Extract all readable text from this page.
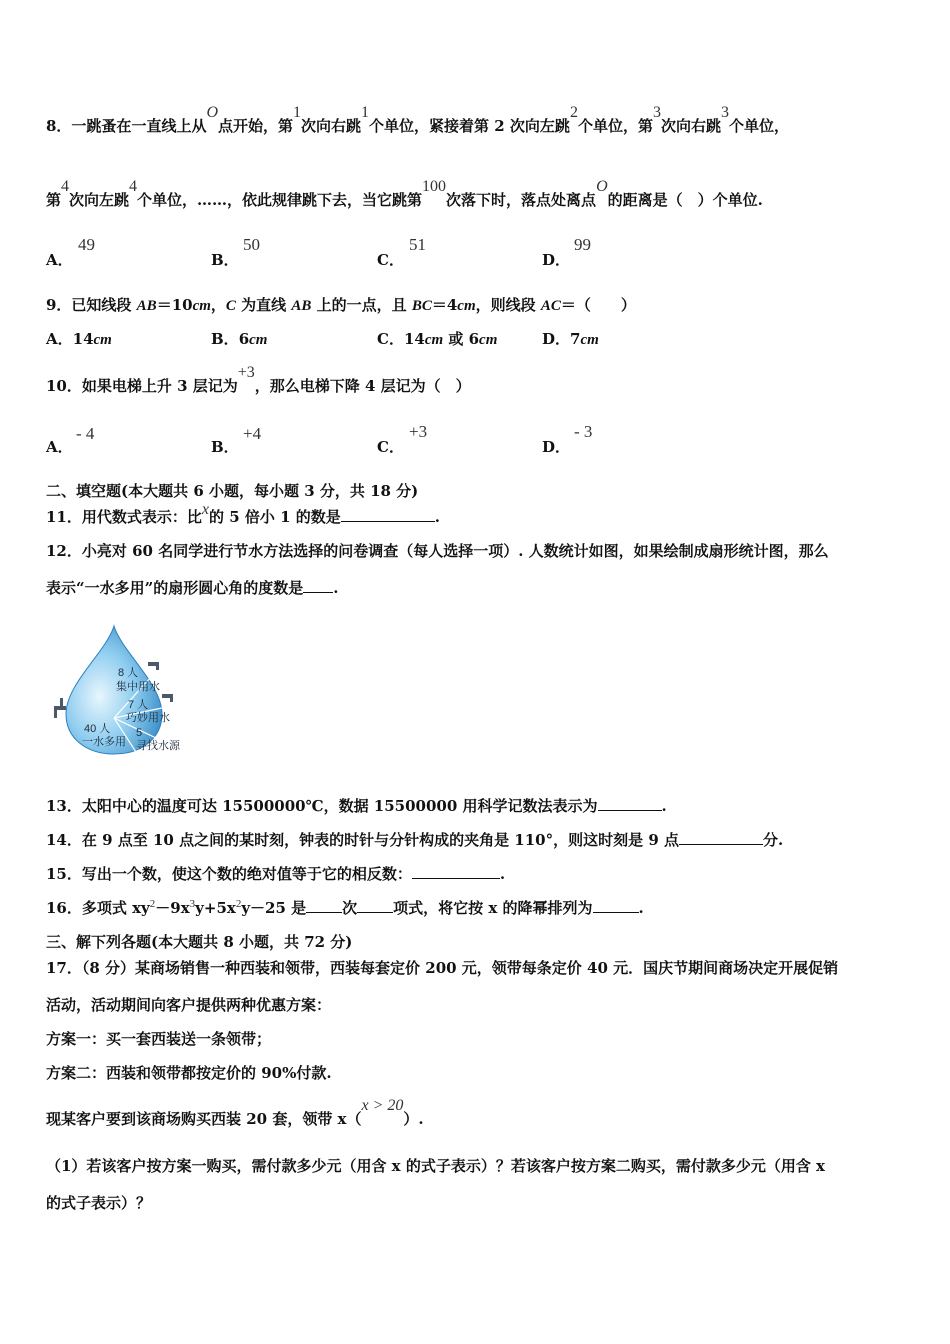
8．一跳蚤在一直线上从O点开始，第1次向右跳1个单位，紧接着第 2 次向左跳2个单位，第3次向右跳3个单位，
第4次向左跳4个单位，……，依此规律跳下去，当它跳第100次落下时，落点处离点O的距离是（　）个单位.
A．
49
B．
50
C．
51
D．
99
9．已知线段 AB＝10cm，C 为直线 AB 上的一点，且 BC＝4cm，则线段 AC＝（　　）
A．14cm	B．6cm	C．14cm 或 6cm	D．7cm
10．如果电梯上升 3 层记为+3，那么电梯下降 4 层记为（　）
A．
- 4
B．
+4
C．
+3
D．
- 3
二、填空题(本大题共 6 小题，每小题 3 分，共 18 分)
11．用代数式表示：比x的 5 倍小 1 的数是	.
12．小亮对 60 名同学进行节水方法选择的问卷调查（每人选择一项）. 人数统计如图，如果绘制成扇形统计图，那么
表示“一水多用”的扇形圆心角的度数是 .
8 人
集中用水
7 人
巧妙用水
40 人
一水多用
5
寻找水源
13．太阳中心的温度可达 15500000℃，数据 15500000 用科学记数法表示为	.
14．在 9 点至 10 点之间的某时刻，钟表的时针与分针构成的夹角是 110°，则这时刻是 9 点	分.
15．写出一个数，使这个数的绝对值等于它的相反数：	.
16．多项式 $xy^2-9x^3y+5x^2y-25$ 是 次 项式，将它按 x 的降幂排列为	.
三、解下列各题(本大题共 8 小题，共 72 分)
17．（8 分）某商场销售一种西装和领带，西装每套定价 200 元，领带每条定价 40 元．国庆节期间商场决定开展促销
活动，活动期间向客户提供两种优惠方案：
方案一：买一套西装送一条领带；
方案二：西装和领带都按定价的 90%付款.
现某客户要到该商场购买西装 20 套，领带 x（x > 20）.
（1）若该客户按方案一购买，需付款多少元（用含 x 的式子表示）？若该客户按方案二购买，需付款多少元（用含 x
的式子表示）？
